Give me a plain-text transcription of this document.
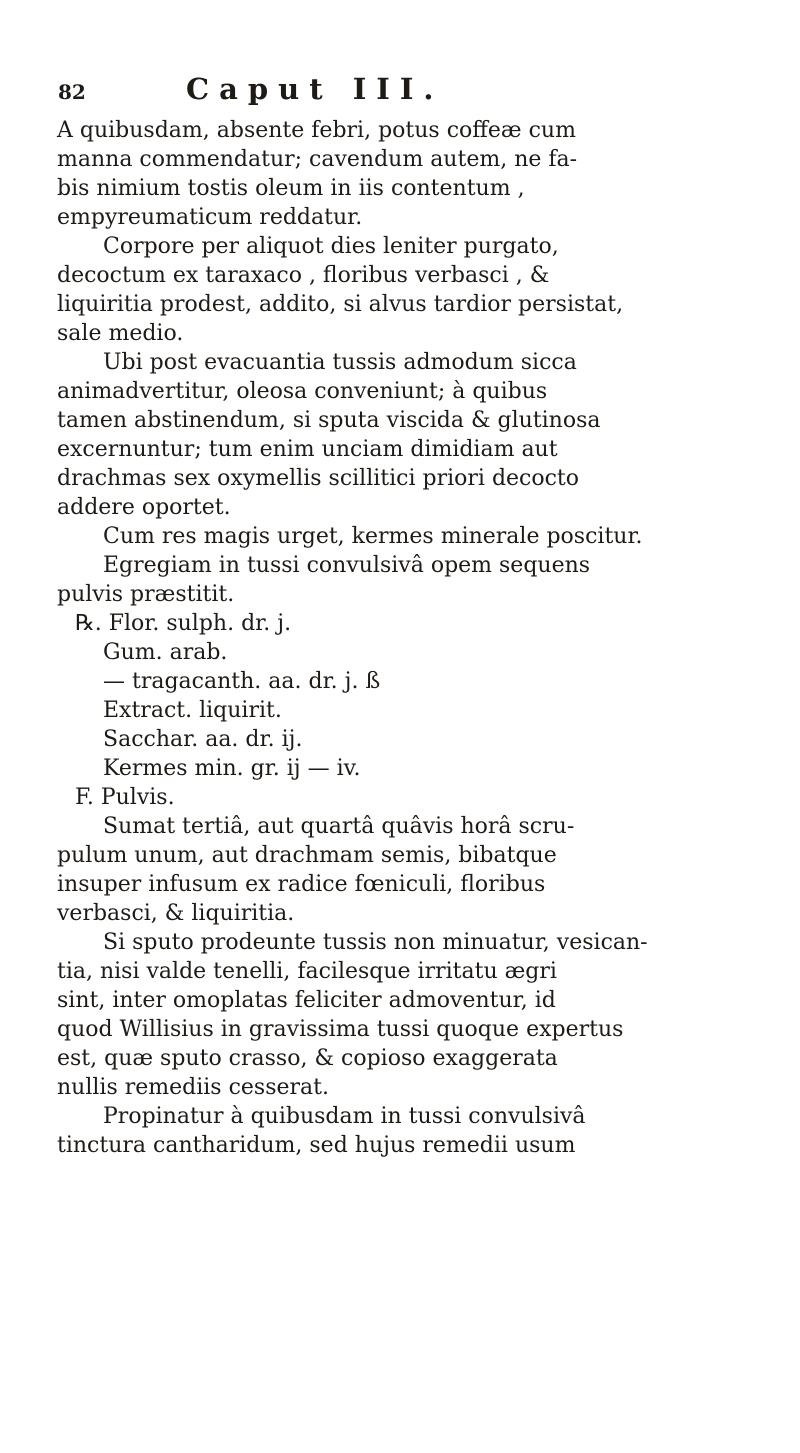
82	Caput III.
A quibusdam, absente febri, potus coffeæ cum
manna commendatur; cavendum autem, ne fa-
bis nimium tostis oleum in iis contentum ,
empyreumaticum reddatur.
Corpore per aliquot dies leniter purgato,
decoctum ex taraxaco , floribus verbasci , &
liquiritia prodest, addito, si alvus tardior persistat,
sale medio.
Ubi post evacuantia tussis admodum sicca
animadvertitur, oleosa conveniunt; à quibus
tamen abstinendum, si sputa viscida & glutinosa
excernuntur; tum enim unciam dimidiam aut
drachmas sex oxymellis scillitici priori decocto
addere oportet.
Cum res magis urget, kermes minerale poscitur.
Egregiam in tussi convulsivâ opem sequens
pulvis præstitit.
℞. Flor. sulph. dr. j.
Gum. arab.
— tragacanth. aa. dr. j. ß
Extract. liquirit.
Sacchar. aa. dr. ij.
Kermes min. gr. ij — iv.
F. Pulvis.
Sumat tertiâ, aut quartâ quâvis horâ scru-
pulum unum, aut drachmam semis, bibatque
insuper infusum ex radice fœniculi, floribus
verbasci, & liquiritia.
Si sputo prodeunte tussis non minuatur, vesican-
tia, nisi valde tenelli, facilesque irritatu ægri
sint, inter omoplatas feliciter admoventur, id
quod Willisius in gravissima tussi quoque expertus
est, quæ sputo crasso, & copioso exaggerata
nullis remediis cesserat.
Propinatur à quibusdam in tussi convulsivâ
tinctura cantharidum, sed hujus remedii usum
